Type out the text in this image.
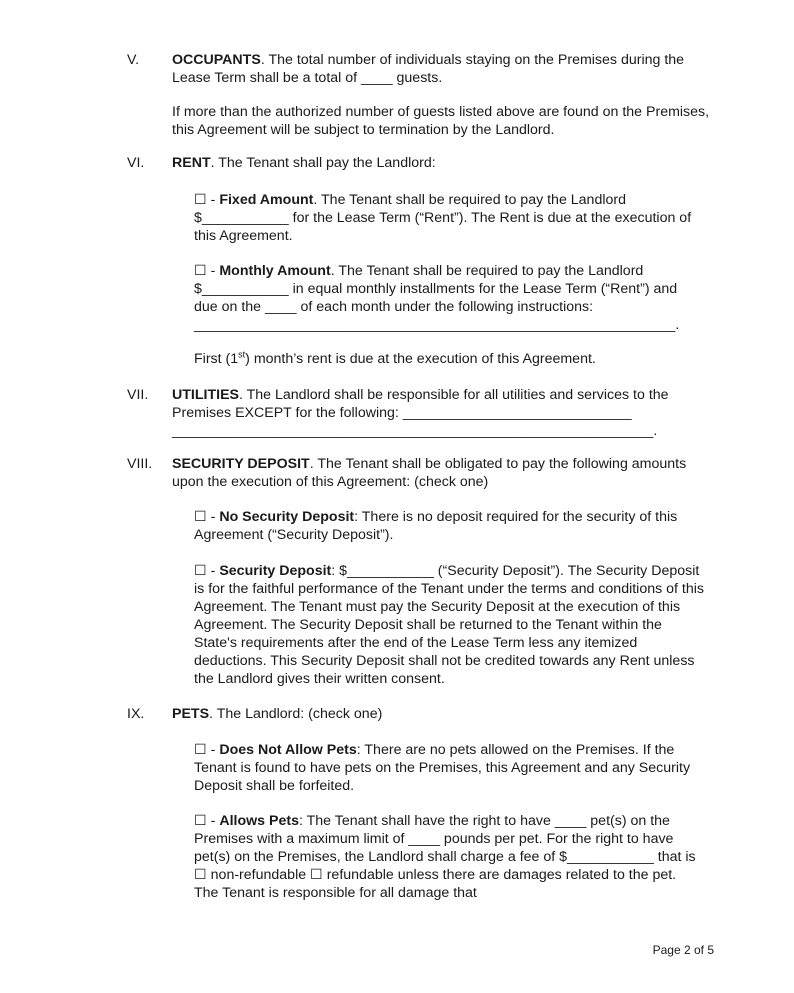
V. OCCUPANTS. The total number of individuals staying on the Premises during the Lease Term shall be a total of ____ guests.

If more than the authorized number of guests listed above are found on the Premises, this Agreement will be subject to termination by the Landlord.

VI. RENT. The Tenant shall pay the Landlord:

☐ - Fixed Amount. The Tenant shall be required to pay the Landlord $___________ for the Lease Term (“Rent”). The Rent is due at the execution of this Agreement.

☐ - Monthly Amount. The Tenant shall be required to pay the Landlord $___________ in equal monthly installments for the Lease Term (“Rent”) and due on the ____ of each month under the following instructions: _____________________________________________________________.

First (1st) month’s rent is due at the execution of this Agreement.

VII. UTILITIES. The Landlord shall be responsible for all utilities and services to the Premises EXCEPT for the following: _____________________________ _____________________________________________________________.

VIII. SECURITY DEPOSIT. The Tenant shall be obligated to pay the following amounts upon the execution of this Agreement: (check one)

☐ - No Security Deposit: There is no deposit required for the security of this Agreement (“Security Deposit”).

☐ - Security Deposit: $___________ (“Security Deposit”). The Security Deposit is for the faithful performance of the Tenant under the terms and conditions of this Agreement. The Tenant must pay the Security Deposit at the execution of this Agreement. The Security Deposit shall be returned to the Tenant within the State's requirements after the end of the Lease Term less any itemized deductions. This Security Deposit shall not be credited towards any Rent unless the Landlord gives their written consent.

IX. PETS. The Landlord: (check one)

☐ - Does Not Allow Pets: There are no pets allowed on the Premises. If the Tenant is found to have pets on the Premises, this Agreement and any Security Deposit shall be forfeited.

☐ - Allows Pets: The Tenant shall have the right to have ____ pet(s) on the Premises with a maximum limit of ____ pounds per pet. For the right to have pet(s) on the Premises, the Landlord shall charge a fee of $___________ that is ☐ non-refundable ☐ refundable unless there are damages related to the pet. The Tenant is responsible for all damage that

Page 2 of 5
